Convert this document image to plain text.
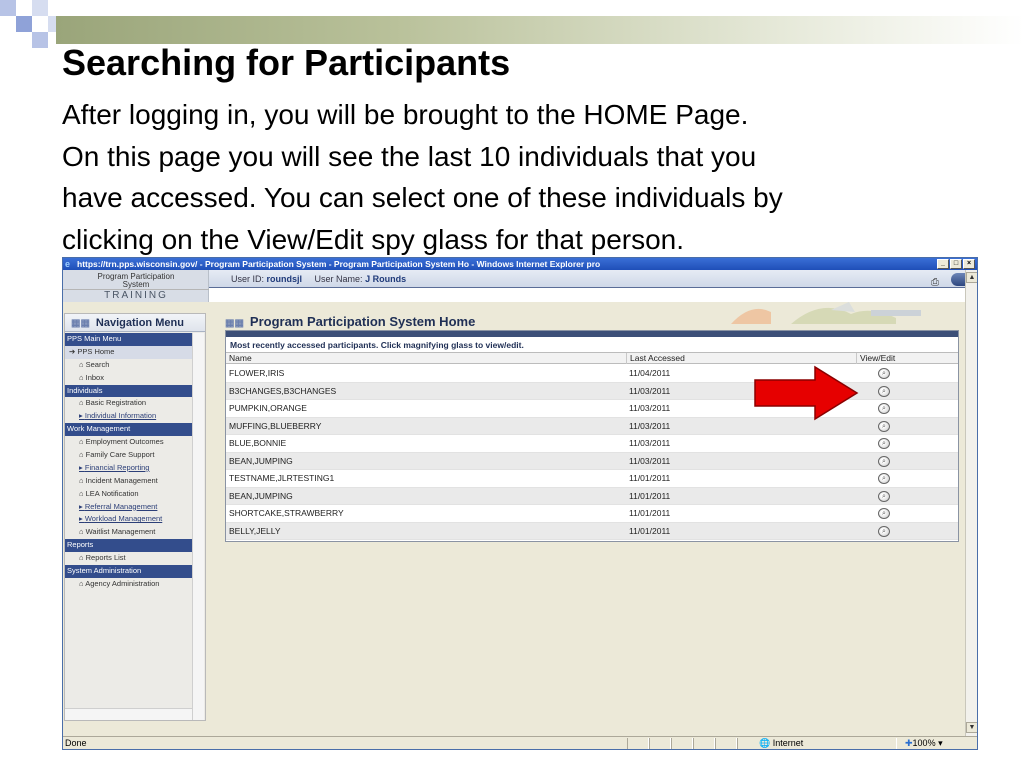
Searching for Participants
After logging in, you will be brought to the HOME Page.
On this page you will see the last 10 individuals that you
have accessed. You can select one of these individuals by
clicking on the View/Edit spy glass for that person.
e https://trn.pps.wisconsin.gov/ - Program Participation System - Program Participation System Ho - Windows Internet Explorer pro	_	□	×
Program Participation
System
TRAINING
User ID: roundsjl User Name: J Rounds	⎙	▲
▼
▦▦ Navigation Menu
PPS Main Menu
➔ PPS Home
⌂ Search
⌂ Inbox
Individuals
⌂ Basic Registration
▸ Individual Information
Work Management
⌂ Employment Outcomes
⌂ Family Care Support
▸ Financial Reporting
⌂ Incident Management
⌂ LEA Notification
▸ Referral Management
▸ Workload Management
⌂ Waitlist Management
Reports
⌂ Reports List
System Administration
⌂ Agency Administration
▦▦ Program Participation System Home
Most recently accessed participants. Click magnifying glass to view/edit.
Name	Last Accessed	View/Edit
FLOWER,IRIS	11/04/2011	⌕
B3CHANGES,B3CHANGES	11/03/2011	⌕
PUMPKIN,ORANGE	11/03/2011	⌕
MUFFING,BLUEBERRY	11/03/2011	⌕
BLUE,BONNIE	11/03/2011	⌕
BEAN,JUMPING	11/03/2011	⌕
TESTNAME,JLRTESTING1	11/01/2011	⌕
BEAN,JUMPING	11/01/2011	⌕
SHORTCAKE,STRAWBERRY	11/01/2011	⌕
BELLY,JELLY	11/01/2011	⌕
Done	🌐 Internet	✚100% ▾
